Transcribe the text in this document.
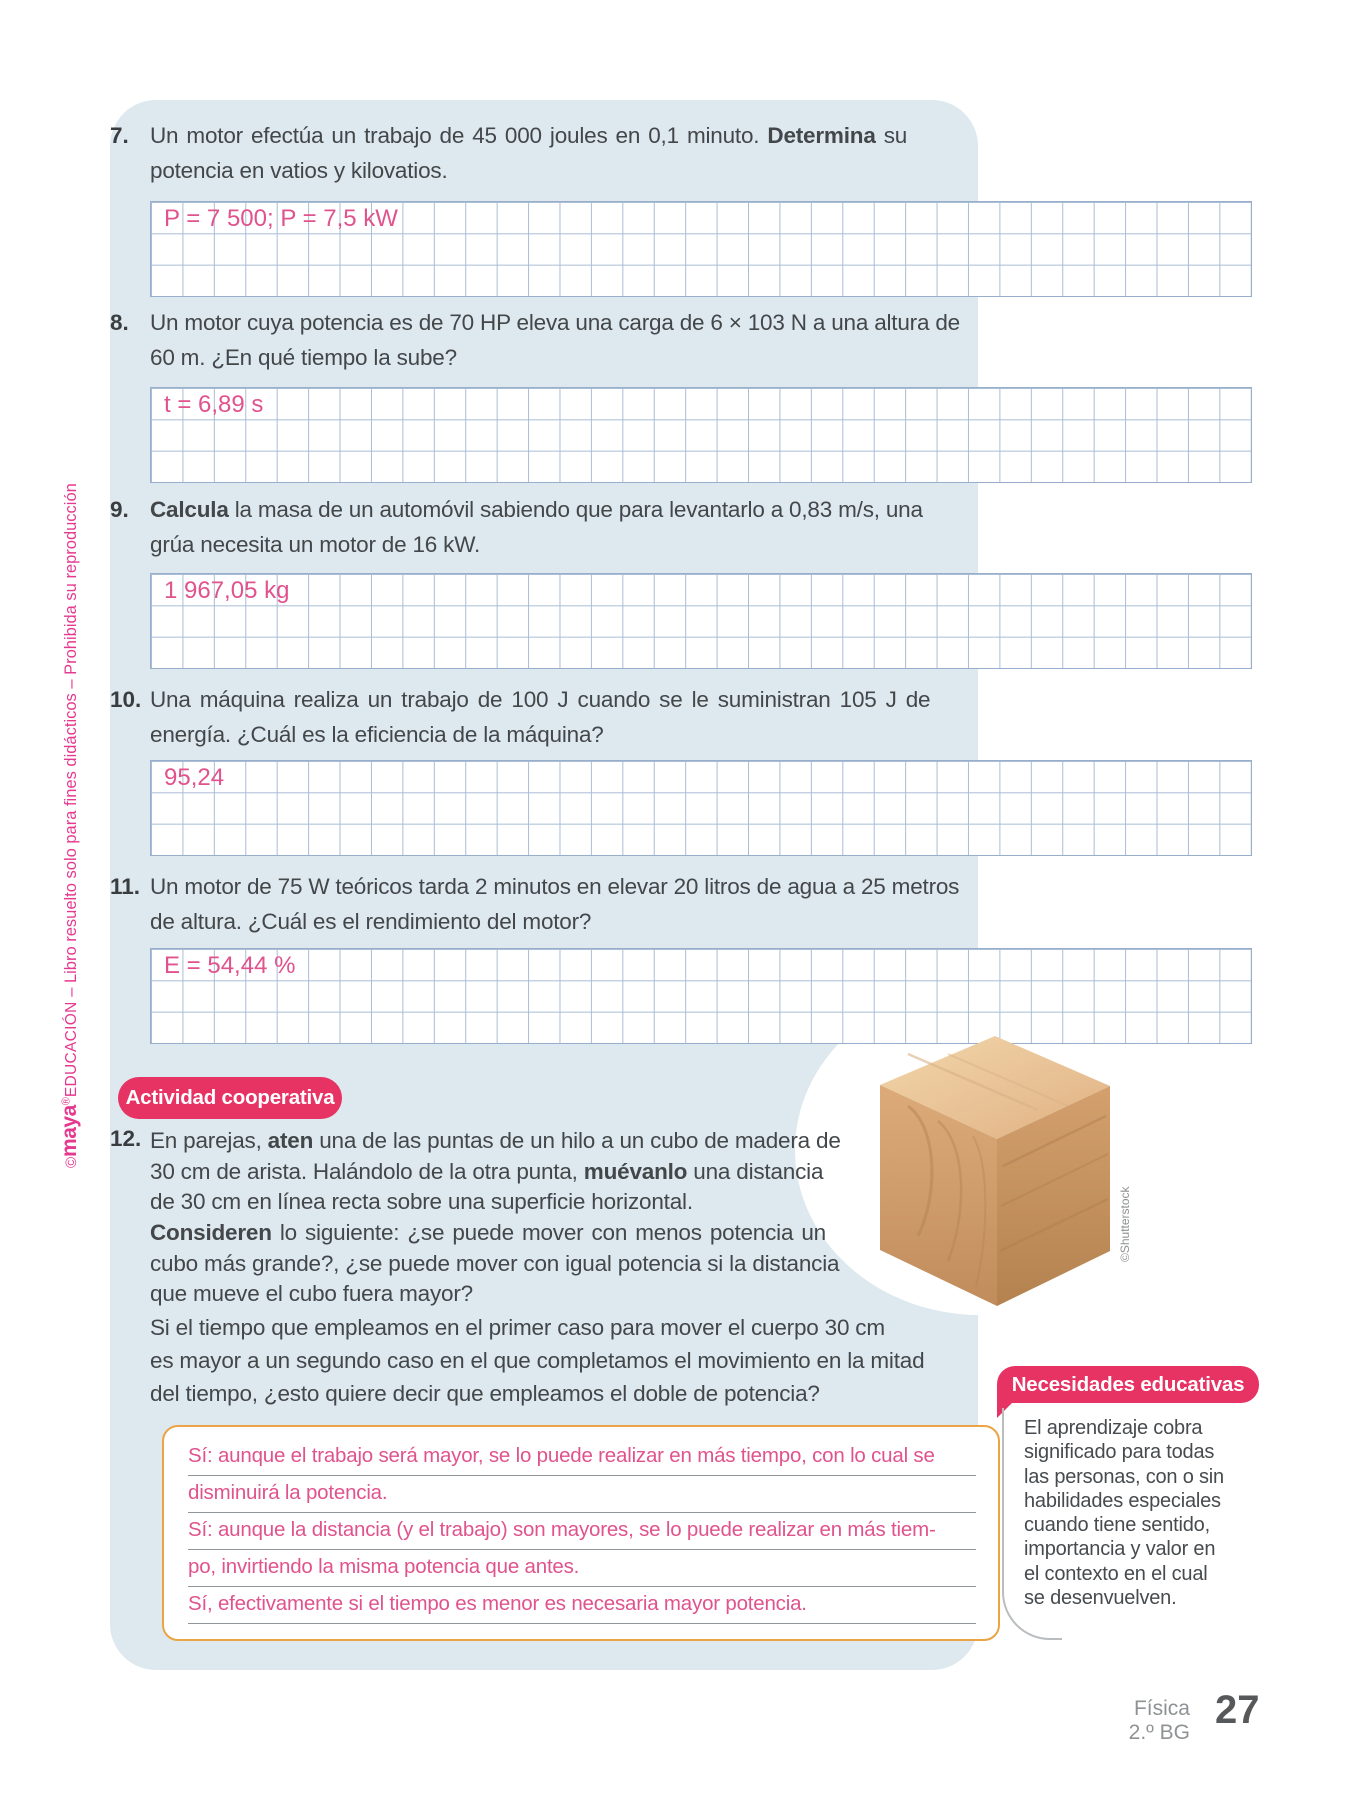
P = 7 500; P = 7,5 kW
t = 6,89 s
1 967,05 kg
95,24
E = 54,44 %
7. Un motor efectúa un trabajo de 45 000 joules en 0,1 minuto. Determina su
potencia en vatios y kilovatios.
8. Un motor cuya potencia es de 70 HP eleva una carga de 6 × 103 N a una altura de
60 m. ¿En qué tiempo la sube?
9. Calcula la masa de un automóvil sabiendo que para levantarlo a 0,83 m/s, una
grúa necesita un motor de 16 kW.
10. Una máquina realiza un trabajo de 100 J cuando se le suministran 105 J de
energía. ¿Cuál es la eficiencia de la máquina?
11. Un motor de 75 W teóricos tarda 2 minutos en elevar 20 litros de agua a 25 metros
de altura. ¿Cuál es el rendimiento del motor?
Actividad cooperativa
12. En parejas, aten una de las puntas de un hilo a un cubo de madera de
30 cm de arista. Halándolo de la otra punta, muévanlo una distancia
de 30 cm en línea recta sobre una superficie horizontal.
Consideren lo siguiente: ¿se puede mover con menos potencia un
cubo más grande?, ¿se puede mover con igual potencia si la distancia
que mueve el cubo fuera mayor?
Si el tiempo que empleamos en el primer caso para mover el cuerpo 30 cm
es mayor a un segundo caso en el que completamos el movimiento en la mitad
del tiempo, ¿esto quiere decir que empleamos el doble de potencia?
©Shutterstock
Sí: aunque el trabajo será mayor, se lo puede realizar en más tiempo, con lo cual se
disminuirá la potencia.
Sí: aunque la distancia (y el trabajo) son mayores, se lo puede realizar en más tiem-
po, invirtiendo la misma potencia que antes.
Sí, efectivamente si el tiempo es menor es necesaria mayor potencia.
Necesidades educativas
El aprendizaje cobra
significado para todas
las personas, con o sin
habilidades especiales
cuando tiene sentido,
importancia y valor en
el contexto en el cual
se desenvuelven.
©maya®EDUCACIÓN – Libro resuelto solo para fines didácticos – Prohibida su reproducción
Física
2.º BG
27
